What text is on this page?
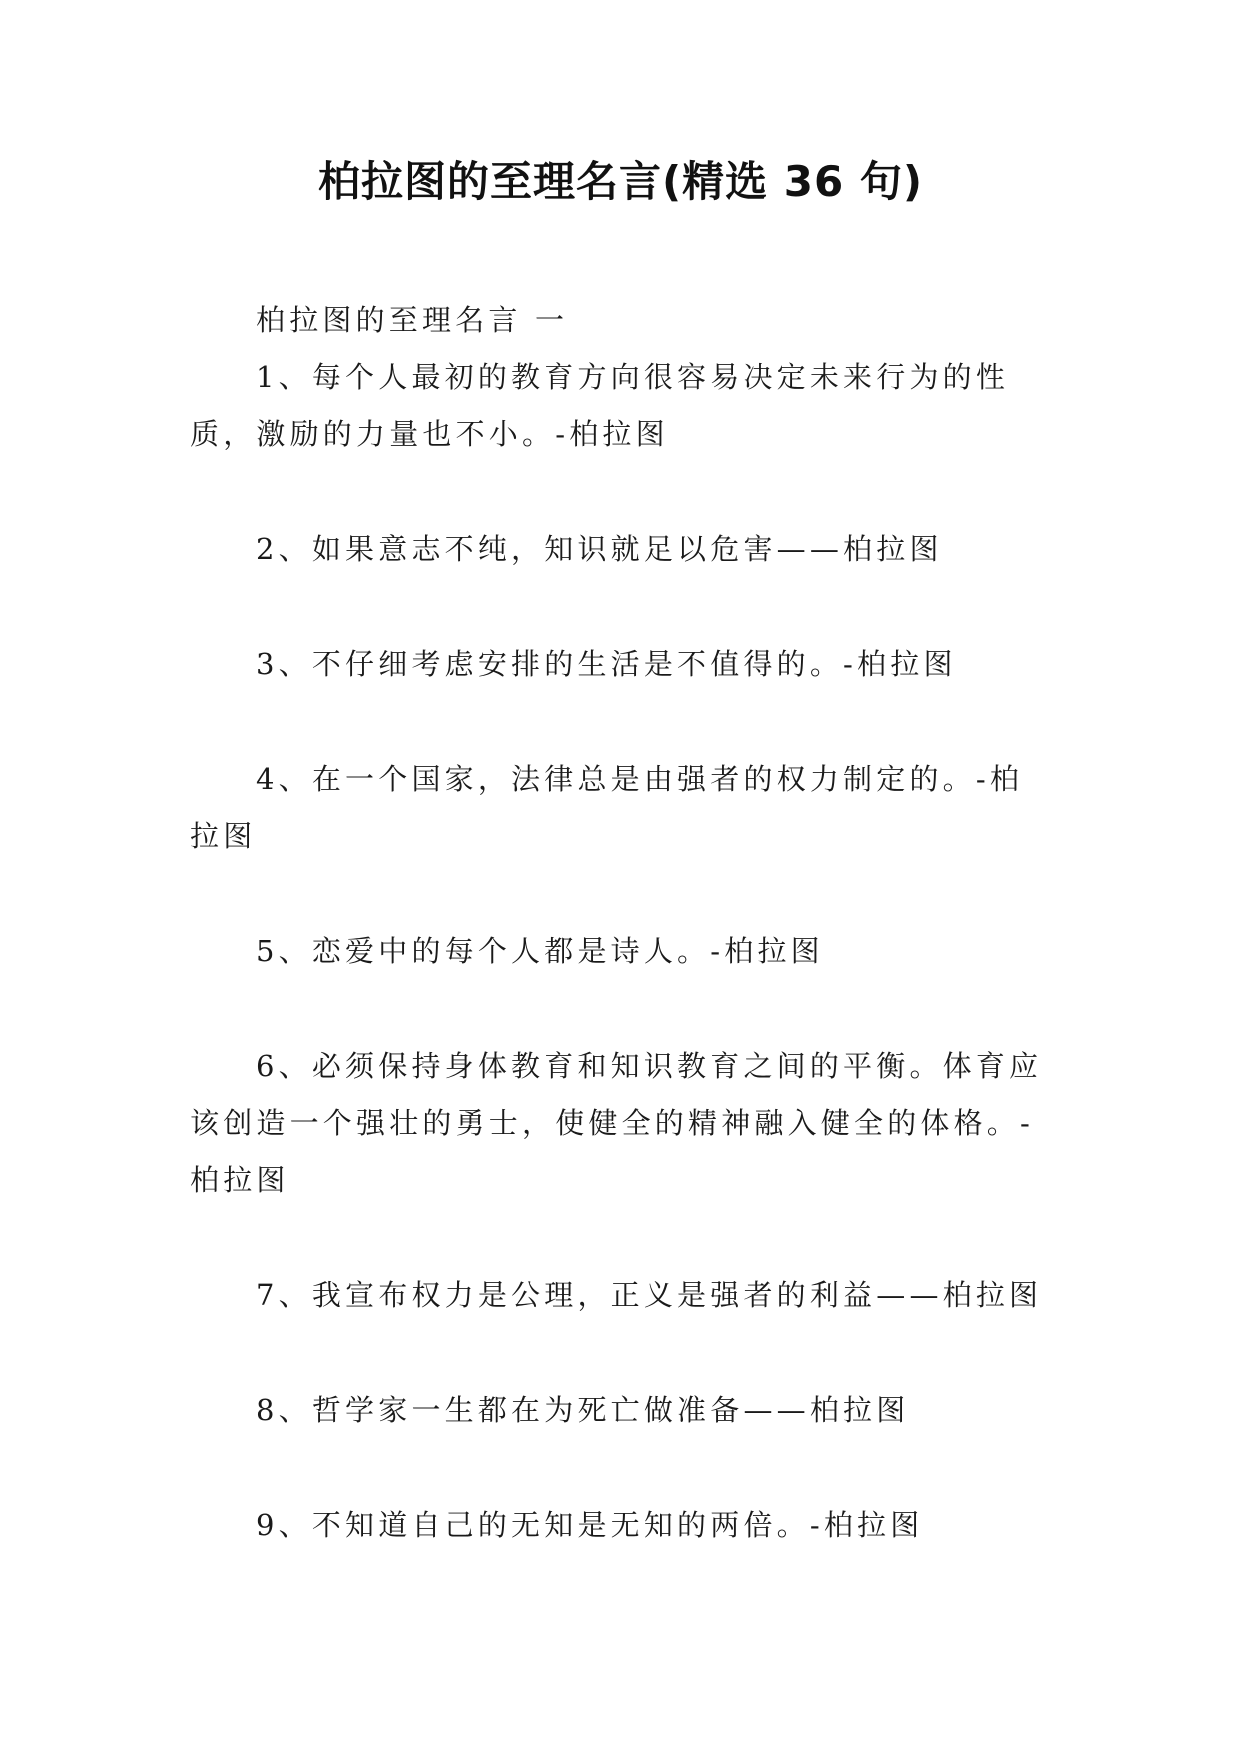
柏拉图的至理名言(精选 36 句)

柏拉图的至理名言 一

1、每个人最初的教育方向很容易决定未来行为的性质，激励的力量也不小。-柏拉图

2、如果意志不纯，知识就足以危害——柏拉图

3、不仔细考虑安排的生活是不值得的。-柏拉图

4、在一个国家，法律总是由强者的权力制定的。-柏拉图

5、恋爱中的每个人都是诗人。-柏拉图

6、必须保持身体教育和知识教育之间的平衡。体育应该创造一个强壮的勇士，使健全的精神融入健全的体格。-柏拉图

7、我宣布权力是公理，正义是强者的利益——柏拉图

8、哲学家一生都在为死亡做准备——柏拉图

9、不知道自己的无知是无知的两倍。-柏拉图
